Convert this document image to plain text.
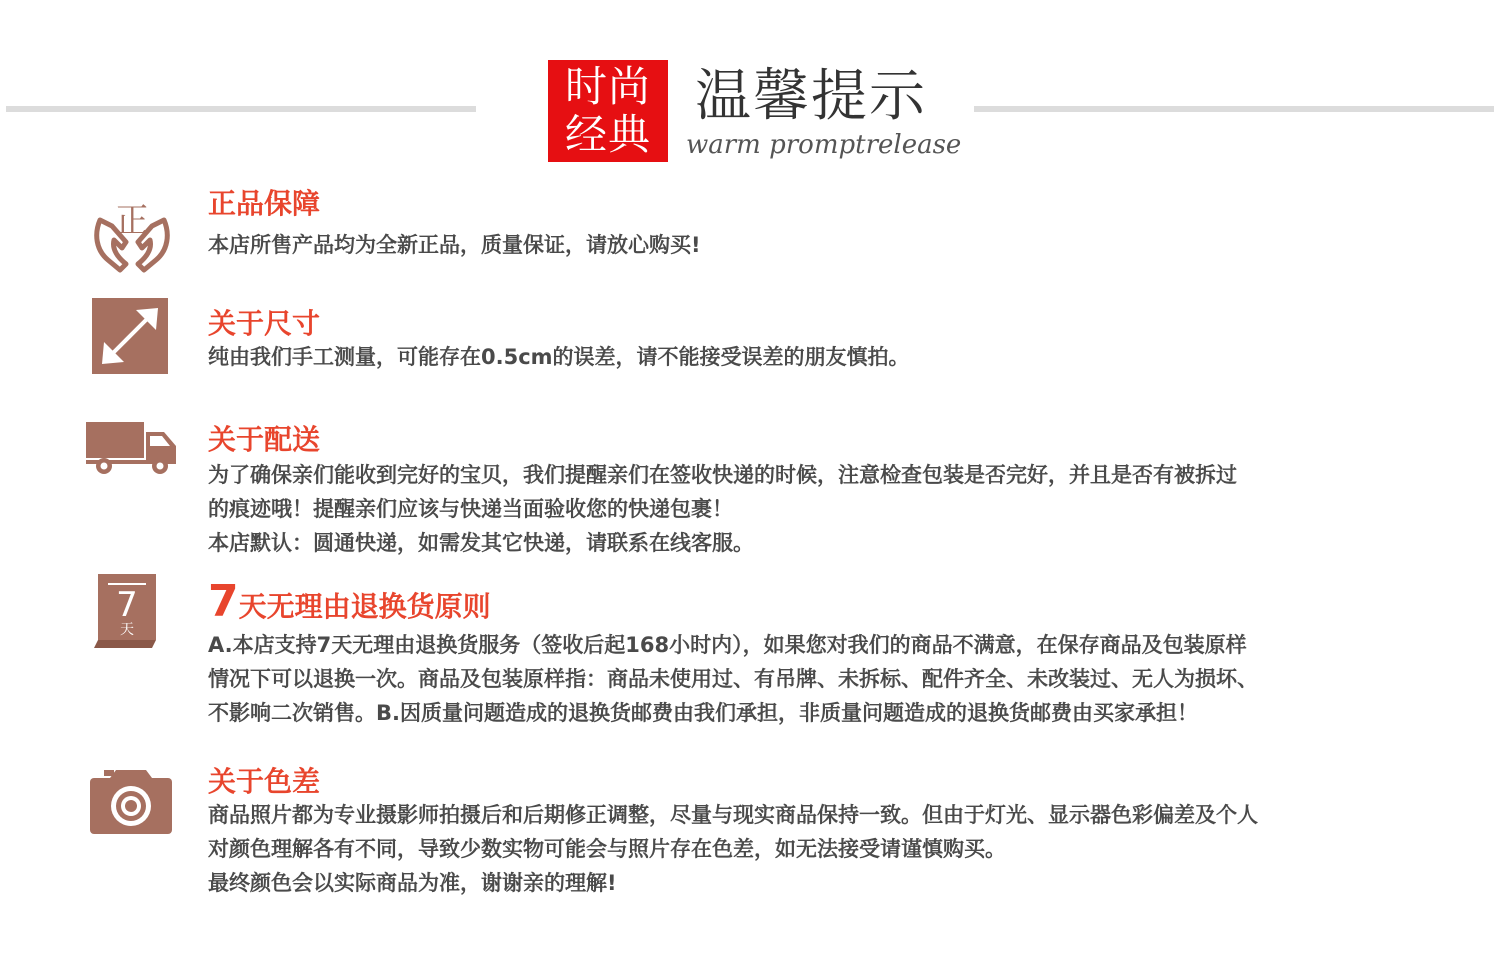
时尚
经典
温馨提示
warm promptrelease
正 正品保障

本店所售产品均为全新正品，质量保证，请放心购买!

关于尺寸

纯由我们手工测量，可能存在0.5cm的误差，请不能接受误差的朋友慎拍。

关于配送

为了确保亲们能收到完好的宝贝，我们提醒亲们在签收快递的时候，注意检查包装是否完好，并且是否有被拆过

的痕迹哦！提醒亲们应该与快递当面验收您的快递包裹！

本店默认：圆通快递，如需发其它快递，请联系在线客服。

7
天
7天无理由退换货原则

A.本店支持7天无理由退换货服务（签收后起168小时内），如果您对我们的商品不满意，在保存商品及包装原样

情况下可以退换一次。商品及包装原样指：商品未使用过、有吊牌、未拆标、配件齐全、未改装过、无人为损坏、

不影响二次销售。B.因质量问题造成的退换货邮费由我们承担，非质量问题造成的退换货邮费由买家承担！

关于色差

商品照片都为专业摄影师拍摄后和后期修正调整，尽量与现实商品保持一致。但由于灯光、显示器色彩偏差及个人

对颜色理解各有不同，导致少数实物可能会与照片存在色差，如无法接受请谨慎购买。

最终颜色会以实际商品为准，谢谢亲的理解!
